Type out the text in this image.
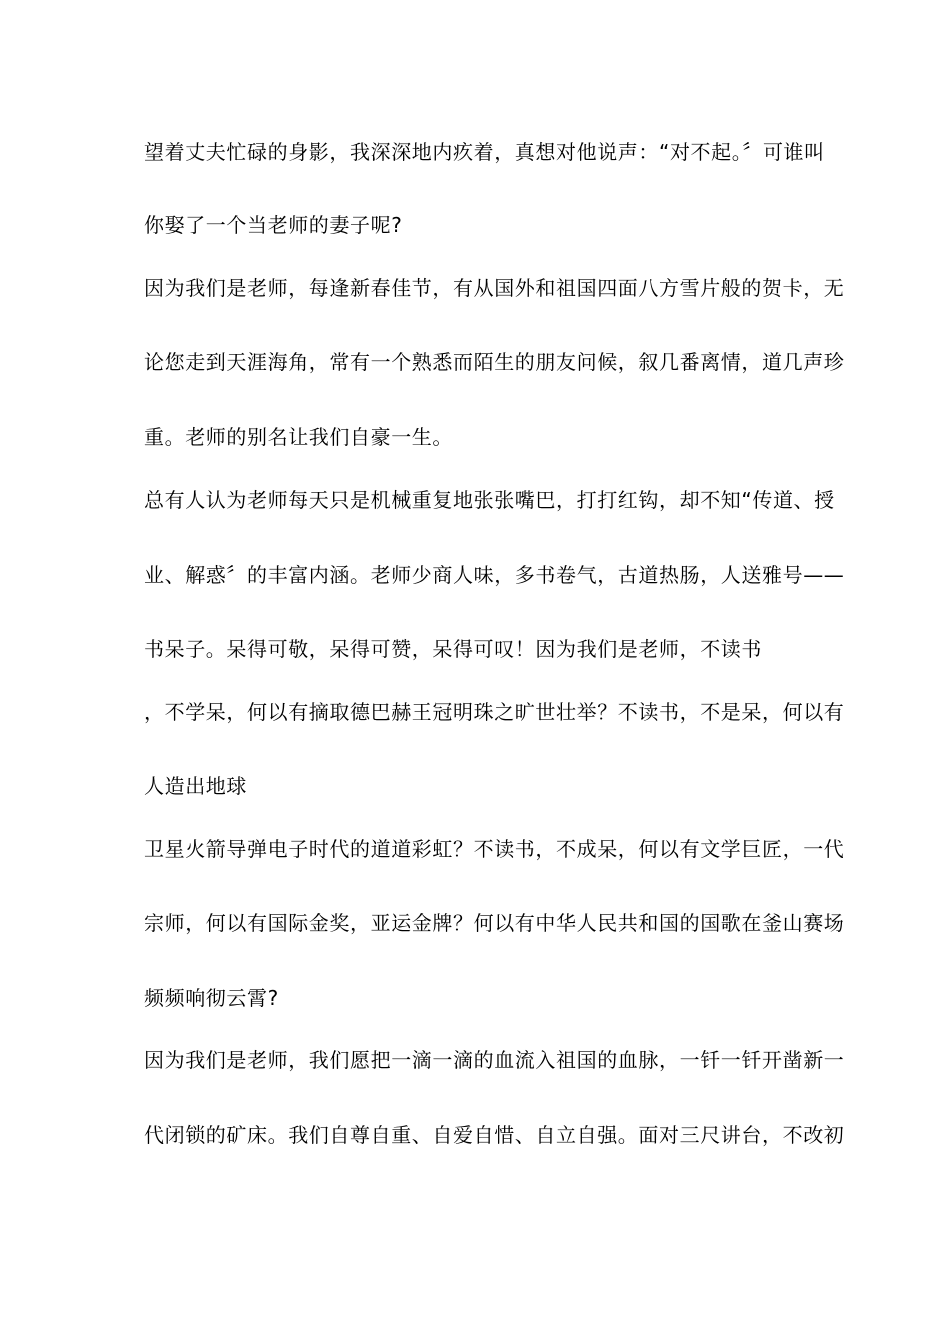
望着丈夫忙碌的身影，我深深地内疚着，真想对他说声：“对不起。〞可谁叫
你娶了一个当老师的妻子呢?
因为我们是老师，每逢新春佳节，有从国外和祖国四面八方雪片般的贺卡，无
论您走到天涯海角，常有一个熟悉而陌生的朋友问候，叙几番离情，道几声珍
重。老师的别名让我们自豪一生。
总有人认为老师每天只是机械重复地张张嘴巴，打打红钩，却不知“传道、授
业、解惑〞的丰富内涵。老师少商人味，多书卷气，古道热肠，人送雅号——
书呆子。呆得可敬，呆得可赞，呆得可叹！因为我们是老师，不读书
，不学呆，何以有摘取德巴赫王冠明珠之旷世壮举？不读书，不是呆，何以有
人造出地球
卫星火箭导弹电子时代的道道彩虹？不读书，不成呆，何以有文学巨匠，一代
宗师，何以有国际金奖，亚运金牌？何以有中华人民共和国的国歌在釜山赛场
频频响彻云霄?
因为我们是老师，我们愿把一滴一滴的血流入祖国的血脉，一钎一钎开凿新一
代闭锁的矿床。我们自尊自重、自爱自惜、自立自强。面对三尺讲台，不改初
